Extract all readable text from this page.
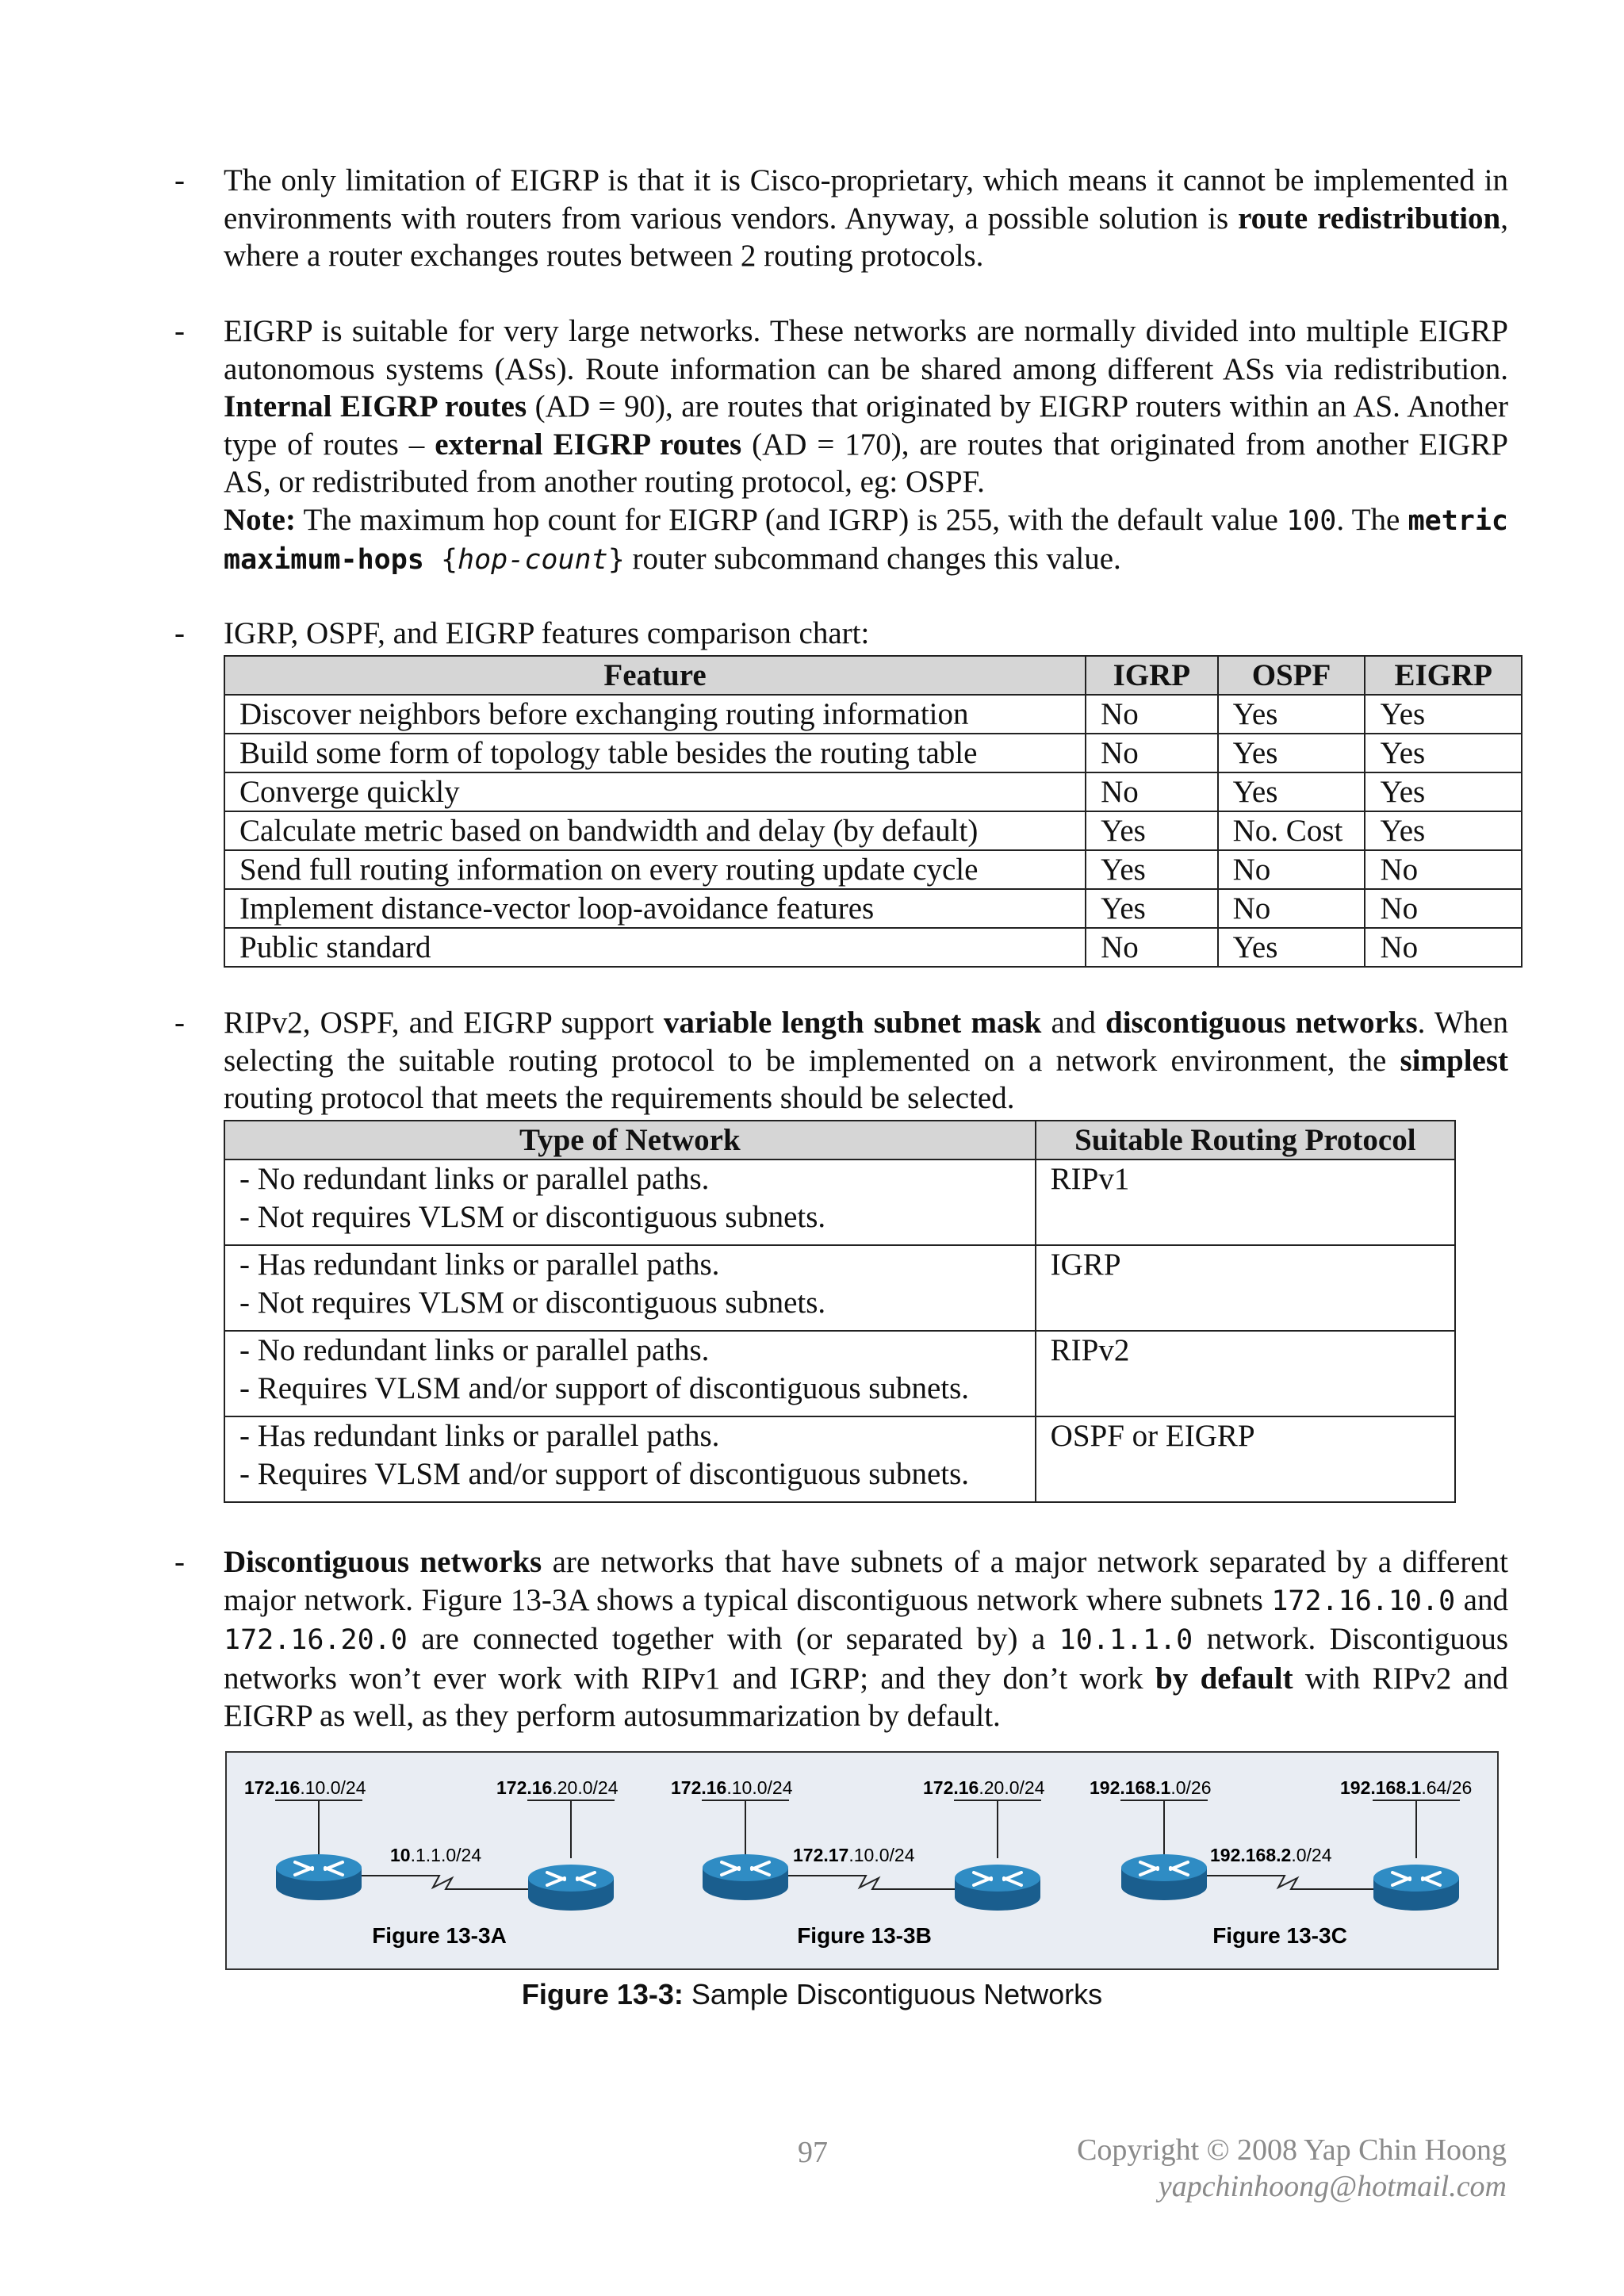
- The only limitation of EIGRP is that it is Cisco-proprietary, which means it cannot be implemented in environments with routers from various vendors. Anyway, a possible solution is route redistribution, where a router exchanges routes between 2 routing protocols.
- EIGRP is suitable for very large networks. These networks are normally divided into multiple EIGRP autonomous systems (ASs). Route information can be shared among different ASs via redistribution. Internal EIGRP routes (AD = 90), are routes that originated by EIGRP routers within an AS. Another type of routes – external EIGRP routes (AD = 170), are routes that originated from another EIGRP AS, or redistributed from another routing protocol, eg: OSPF.
Note: The maximum hop count for EIGRP (and IGRP) is 255, with the default value 100. The metric maximum-hops {hop-count} router subcommand changes this value.
- IGRP, OSPF, and EIGRP features comparison chart:
Feature	IGRP	OSPF	EIGRP
Discover neighbors before exchanging routing information	No	Yes	Yes
Build some form of topology table besides the routing table	No	Yes	Yes
Converge quickly	No	Yes	Yes
Calculate metric based on bandwidth and delay (by default)	Yes	No. Cost	Yes
Send full routing information on every routing update cycle	Yes	No	No
Implement distance-vector loop-avoidance features	Yes	No	No
Public standard	No	Yes	No
- RIPv2, OSPF, and EIGRP support variable length subnet mask and discontiguous networks. When selecting the suitable routing protocol to be implemented on a network environment, the simplest routing protocol that meets the requirements should be selected.
Type of Network	Suitable Routing Protocol

- No redundant links or parallel paths.
- Not requires VLSM or discontiguous subnets.	RIPv1

- Has redundant links or parallel paths.
- Not requires VLSM or discontiguous subnets.	IGRP

- No redundant links or parallel paths.
- Requires VLSM and/or support of discontiguous subnets.	RIPv2

- Has redundant links or parallel paths.
- Requires VLSM and/or support of discontiguous subnets.	OSPF or EIGRP
- Discontiguous networks are networks that have subnets of a major network separated by a different major network. Figure 13-3A shows a typical discontiguous network where subnets 172.16.10.0 and 172.16.20.0 are connected together with (or separated by) a 10.1.1.0 network. Discontiguous networks won’t ever work with RIPv1 and IGRP; and they don’t work by default with RIPv2 and EIGRP as well, as they perform autosummarization by default.
172.16.10.0/24	172.16.20.0/24
10.1.1.0/24
Figure 13-3A
172.16.10.0/24	172.16.20.0/24
172.17.10.0/24
Figure 13-3B
192.168.1.0/26	192.168.1.64/26
192.168.2.0/24
Figure 13-3C
Figure 13-3: Sample Discontiguous Networks
97	Copyright © 2008 Yap Chin Hoong
yapchinhoong@hotmail.com
